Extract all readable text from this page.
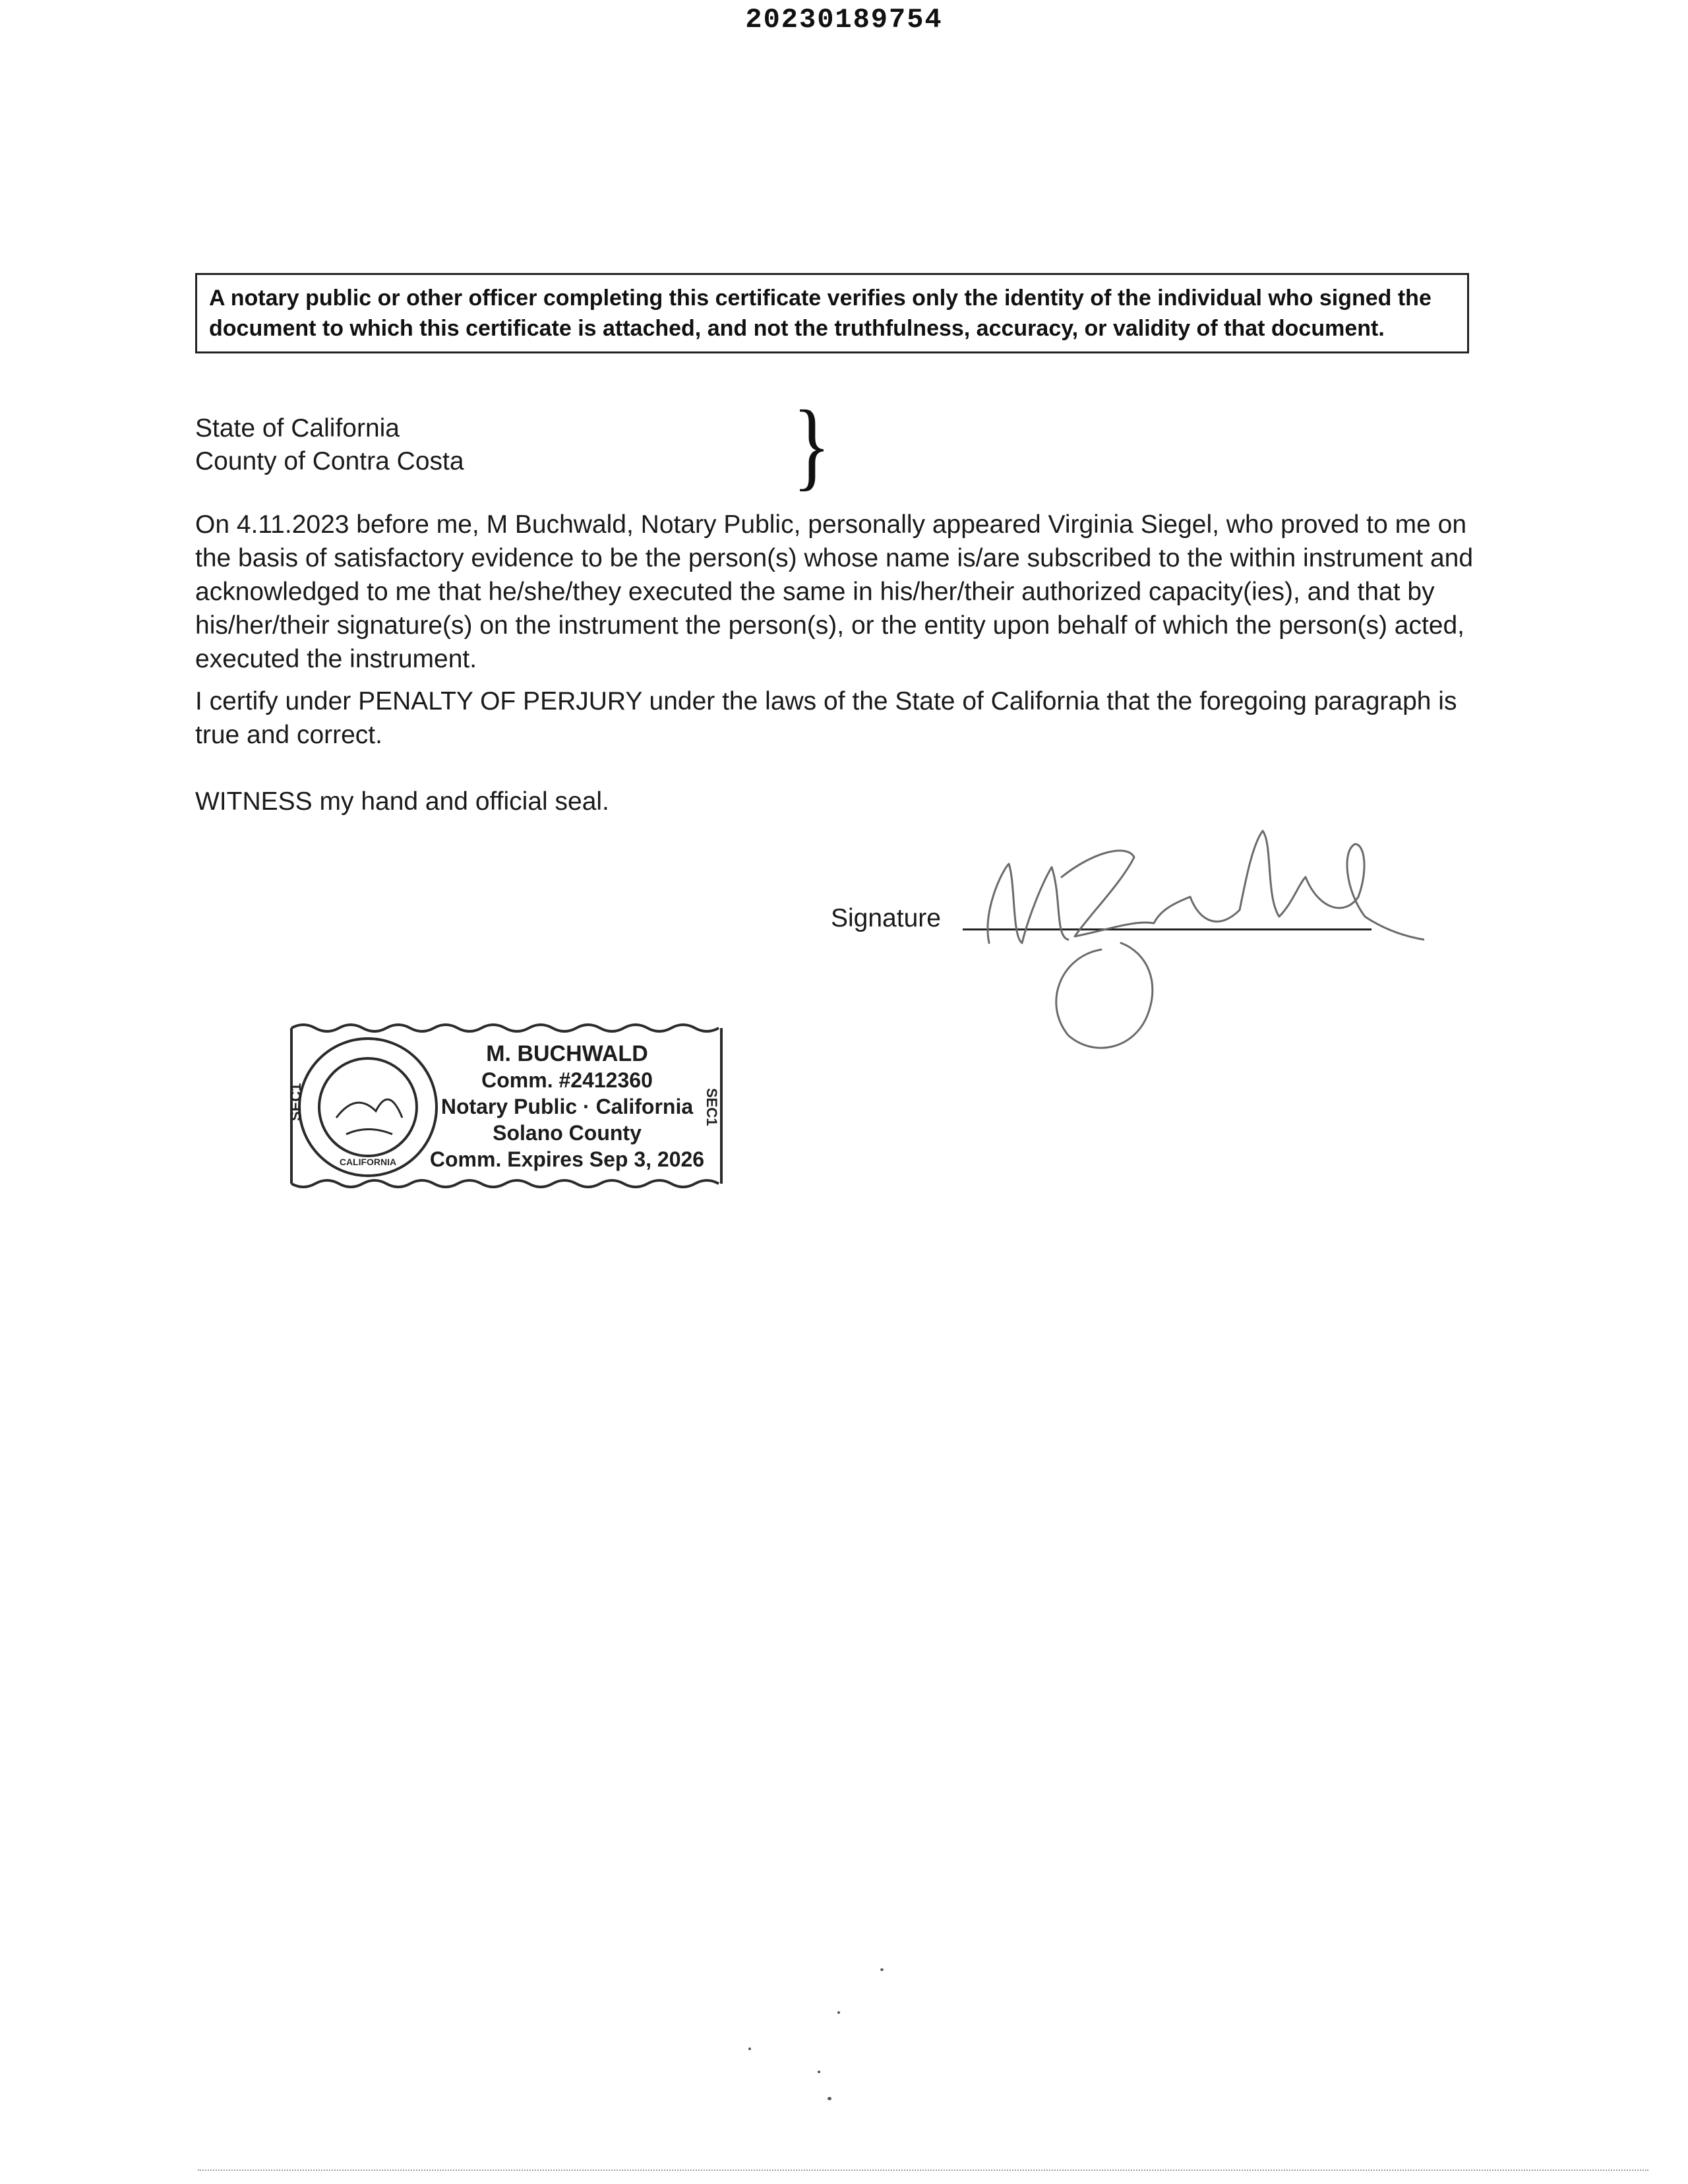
20230189754
A notary public or other officer completing this certificate verifies only the identity of the individual who signed the document to which this certificate is attached, and not the truthfulness, accuracy, or validity of that document.
State of California
County of Contra Costa	}

On 4.11.2023 before me, M Buchwald, Notary Public, personally appeared Virginia Siegel, who proved to me on the basis of satisfactory evidence to be the person(s) whose name is/are subscribed to the within instrument and acknowledged to me that he/she/they executed the same in his/her/their authorized capacity(ies), and that by his/her/their signature(s) on the instrument the person(s), or the entity upon behalf of which the person(s) acted, executed the instrument.

I certify under PENALTY OF PERJURY under the laws of the State of California that the foregoing paragraph is true and correct.

WITNESS my hand and official seal.

Signature
CALIFORNIA
SEC1	SEC1
M. BUCHWALD
Comm. #2412360
Notary Public · California
Solano County
Comm. Expires Sep 3, 2026
